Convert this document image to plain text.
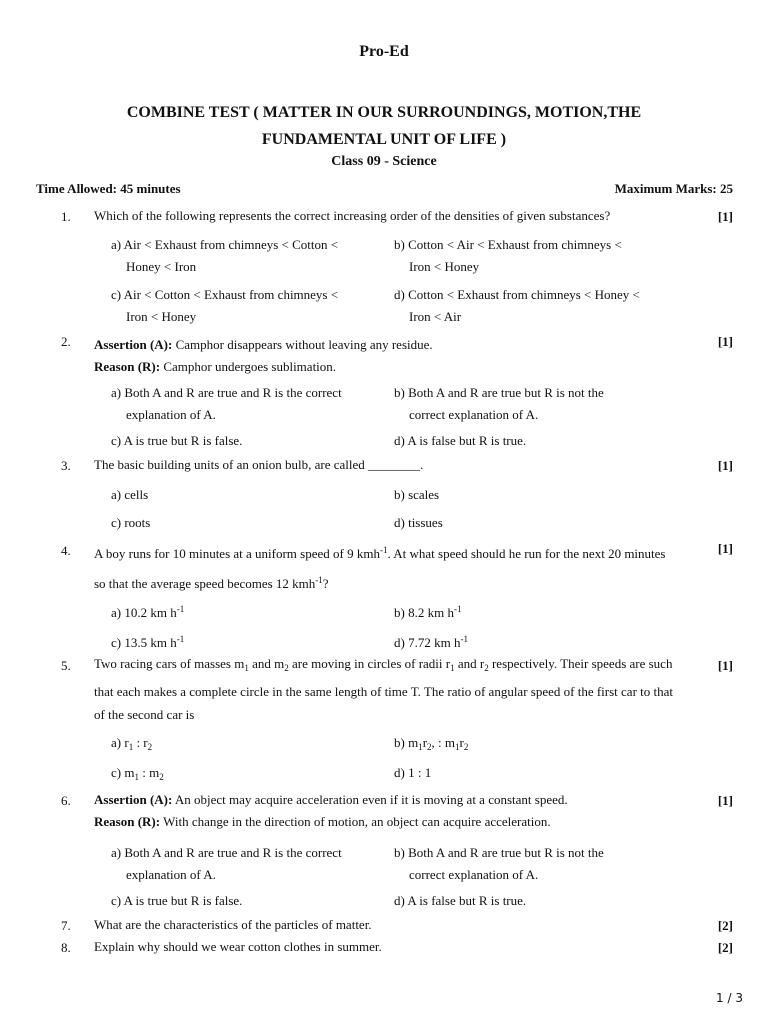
Pro-Ed
COMBINE TEST ( MATTER IN OUR SURROUNDINGS, MOTION,THE
FUNDAMENTAL UNIT OF LIFE )
Class 09 - Science
Time Allowed: 45 minutes	Maximum Marks: 25
1. Which of the following represents the correct increasing order of the densities of given substances?	[1]
a) Air < Exhaust from chimneys < Cotton <
Honey < Iron
b) Cotton < Air < Exhaust from chimneys <
Iron < Honey
c) Air < Cotton < Exhaust from chimneys <
Iron < Honey
d) Cotton < Exhaust from chimneys < Honey <
Iron < Air
2. Assertion (A): Camphor disappears without leaving any residue.
Reason (R): Camphor undergoes sublimation.
[1]
a) Both A and R are true and R is the correct
explanation of A.
b) Both A and R are true but R is not the
correct explanation of A.
c) A is true but R is false.	d) A is false but R is true.
3. The basic building units of an onion bulb, are called ________.	[1]
a) cells	b) scales
c) roots	d) tissues
4. A boy runs for 10 minutes at a uniform speed of 9 kmh$^{-1}$. At what speed should he run for the next 20 minutes
so that the average speed becomes 12 kmh$^{-1}$?
[1]
a) 10.2 km $h^{-1}$	b) 8.2 km $h^{-1}$
c) 13.5 km $h^{-1}$	d) 7.72 km $h^{-1}$
5. Two racing cars of masses $m_1$ and $m_2$ are moving in circles of radii $r_1$ and $r_2$ respectively. Their speeds are such
that each makes a complete circle in the same length of time T. The ratio of angular speed of the first car to that
of the second car is
[1]
a) $r_1$ : $r_2$	b) $m_1r_2$, : $m_1r_2$
c) $m_1$ : $m_2$	d) 1 : 1
6. Assertion (A): An object may acquire acceleration even if it is moving at a constant speed.
Reason (R): With change in the direction of motion, an object can acquire acceleration.
[1]
a) Both A and R are true and R is the correct
explanation of A.
b) Both A and R are true but R is not the
correct explanation of A.
c) A is true but R is false.	d) A is false but R is true.
7. What are the characteristics of the particles of matter.	[2]
8. Explain why should we wear cotton clothes in summer.	[2]
1 / 3
